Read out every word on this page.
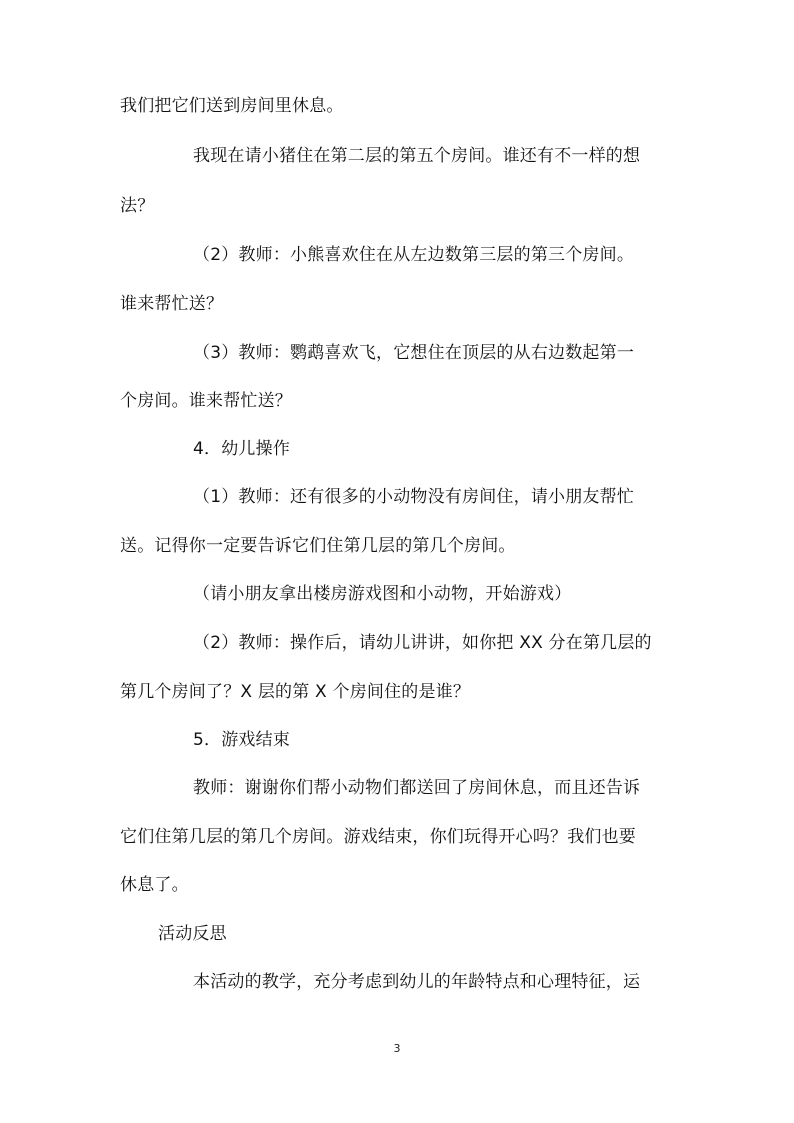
我们把它们送到房间里休息。
我现在请小猪住在第二层的第五个房间。谁还有不一样的想
法？
（2）教师：小熊喜欢住在从左边数第三层的第三个房间。
谁来帮忙送？
（3）教师：鹦鹉喜欢飞，它想住在顶层的从右边数起第一
个房间。谁来帮忙送？
4．幼儿操作
（1）教师：还有很多的小动物没有房间住，请小朋友帮忙
送。记得你一定要告诉它们住第几层的第几个房间。
（请小朋友拿出楼房游戏图和小动物，开始游戏）
（2）教师：操作后，请幼儿讲讲，如你把 XX 分在第几层的
第几个房间了？X 层的第 X 个房间住的是谁？
5．游戏结束
教师：谢谢你们帮小动物们都送回了房间休息，而且还告诉
它们住第几层的第几个房间。游戏结束，你们玩得开心吗？我们也要
休息了。
活动反思
本活动的教学，充分考虑到幼儿的年龄特点和心理特征，运
3
